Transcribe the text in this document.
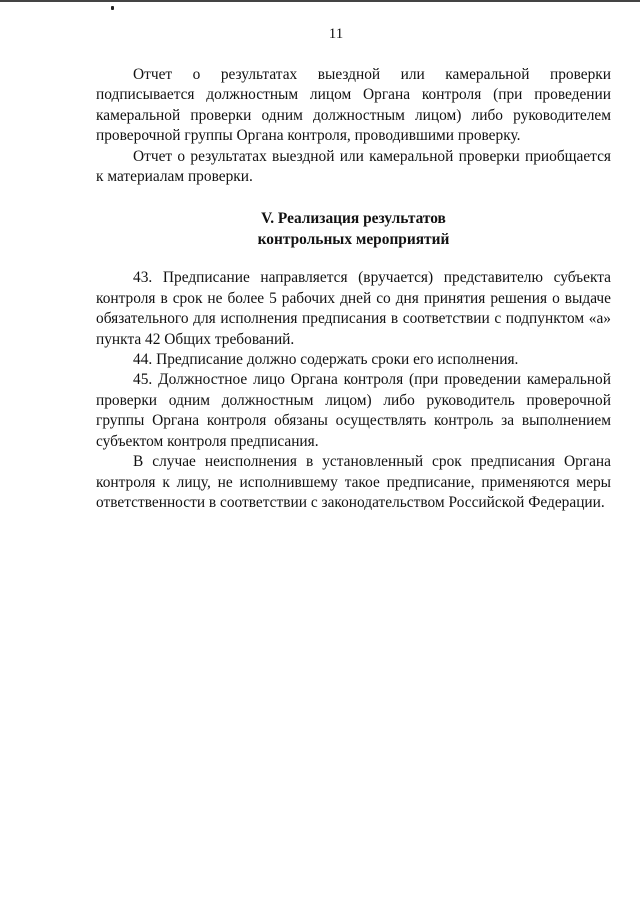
11

Отчет о результатах выездной или камеральной проверки подписывается должностным лицом Органа контроля (при проведении камеральной проверки одним должностным лицом) либо руководителем проверочной группы Органа контроля, проводившими проверку.

Отчет о результатах выездной или камеральной проверки приобщается к материалам проверки.

V. Реализация результатов

контрольных мероприятий

43. Предписание направляется (вручается) представителю субъекта контроля в срок не более 5 рабочих дней со дня принятия решения о выдаче обязательного для исполнения предписания в соответствии с подпунктом «а» пункта 42 Общих требований.

44. Предписание должно содержать сроки его исполнения.

45. Должностное лицо Органа контроля (при проведении камеральной проверки одним должностным лицом) либо руководитель проверочной группы Органа контроля обязаны осуществлять контроль за выполнением субъектом контроля предписания.

В случае неисполнения в установленный срок предписания Органа контроля к лицу, не исполнившему такое предписание, применяются меры ответственности в соответствии с законодательством Российской Федерации.
